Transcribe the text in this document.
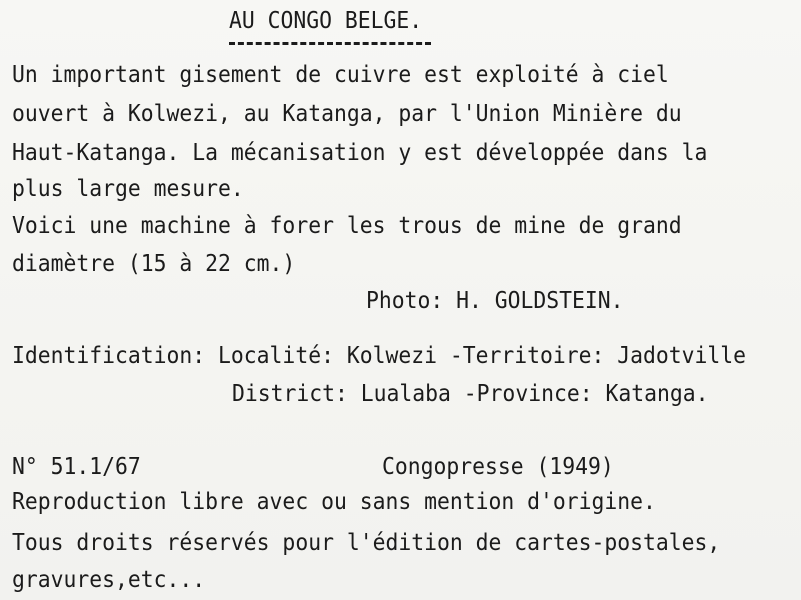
AU CONGO BELGE.
Un important gisement de cuivre est exploité à ciel
ouvert à Kolwezi, au Katanga, par l'Union Minière du
Haut-Katanga. La mécanisation y est développée dans la
plus large mesure.
Voici une machine à forer les trous de mine de grand
diamètre (15 à 22 cm.)
Photo: H. GOLDSTEIN.
Identification: Localité: Kolwezi -Territoire: Jadotville
District: Lualaba -Province: Katanga.
N° 51.1/67	Congopresse (1949)
Reproduction libre avec ou sans mention d'origine.
Tous droits réservés pour l'édition de cartes-postales,
gravures,etc...
